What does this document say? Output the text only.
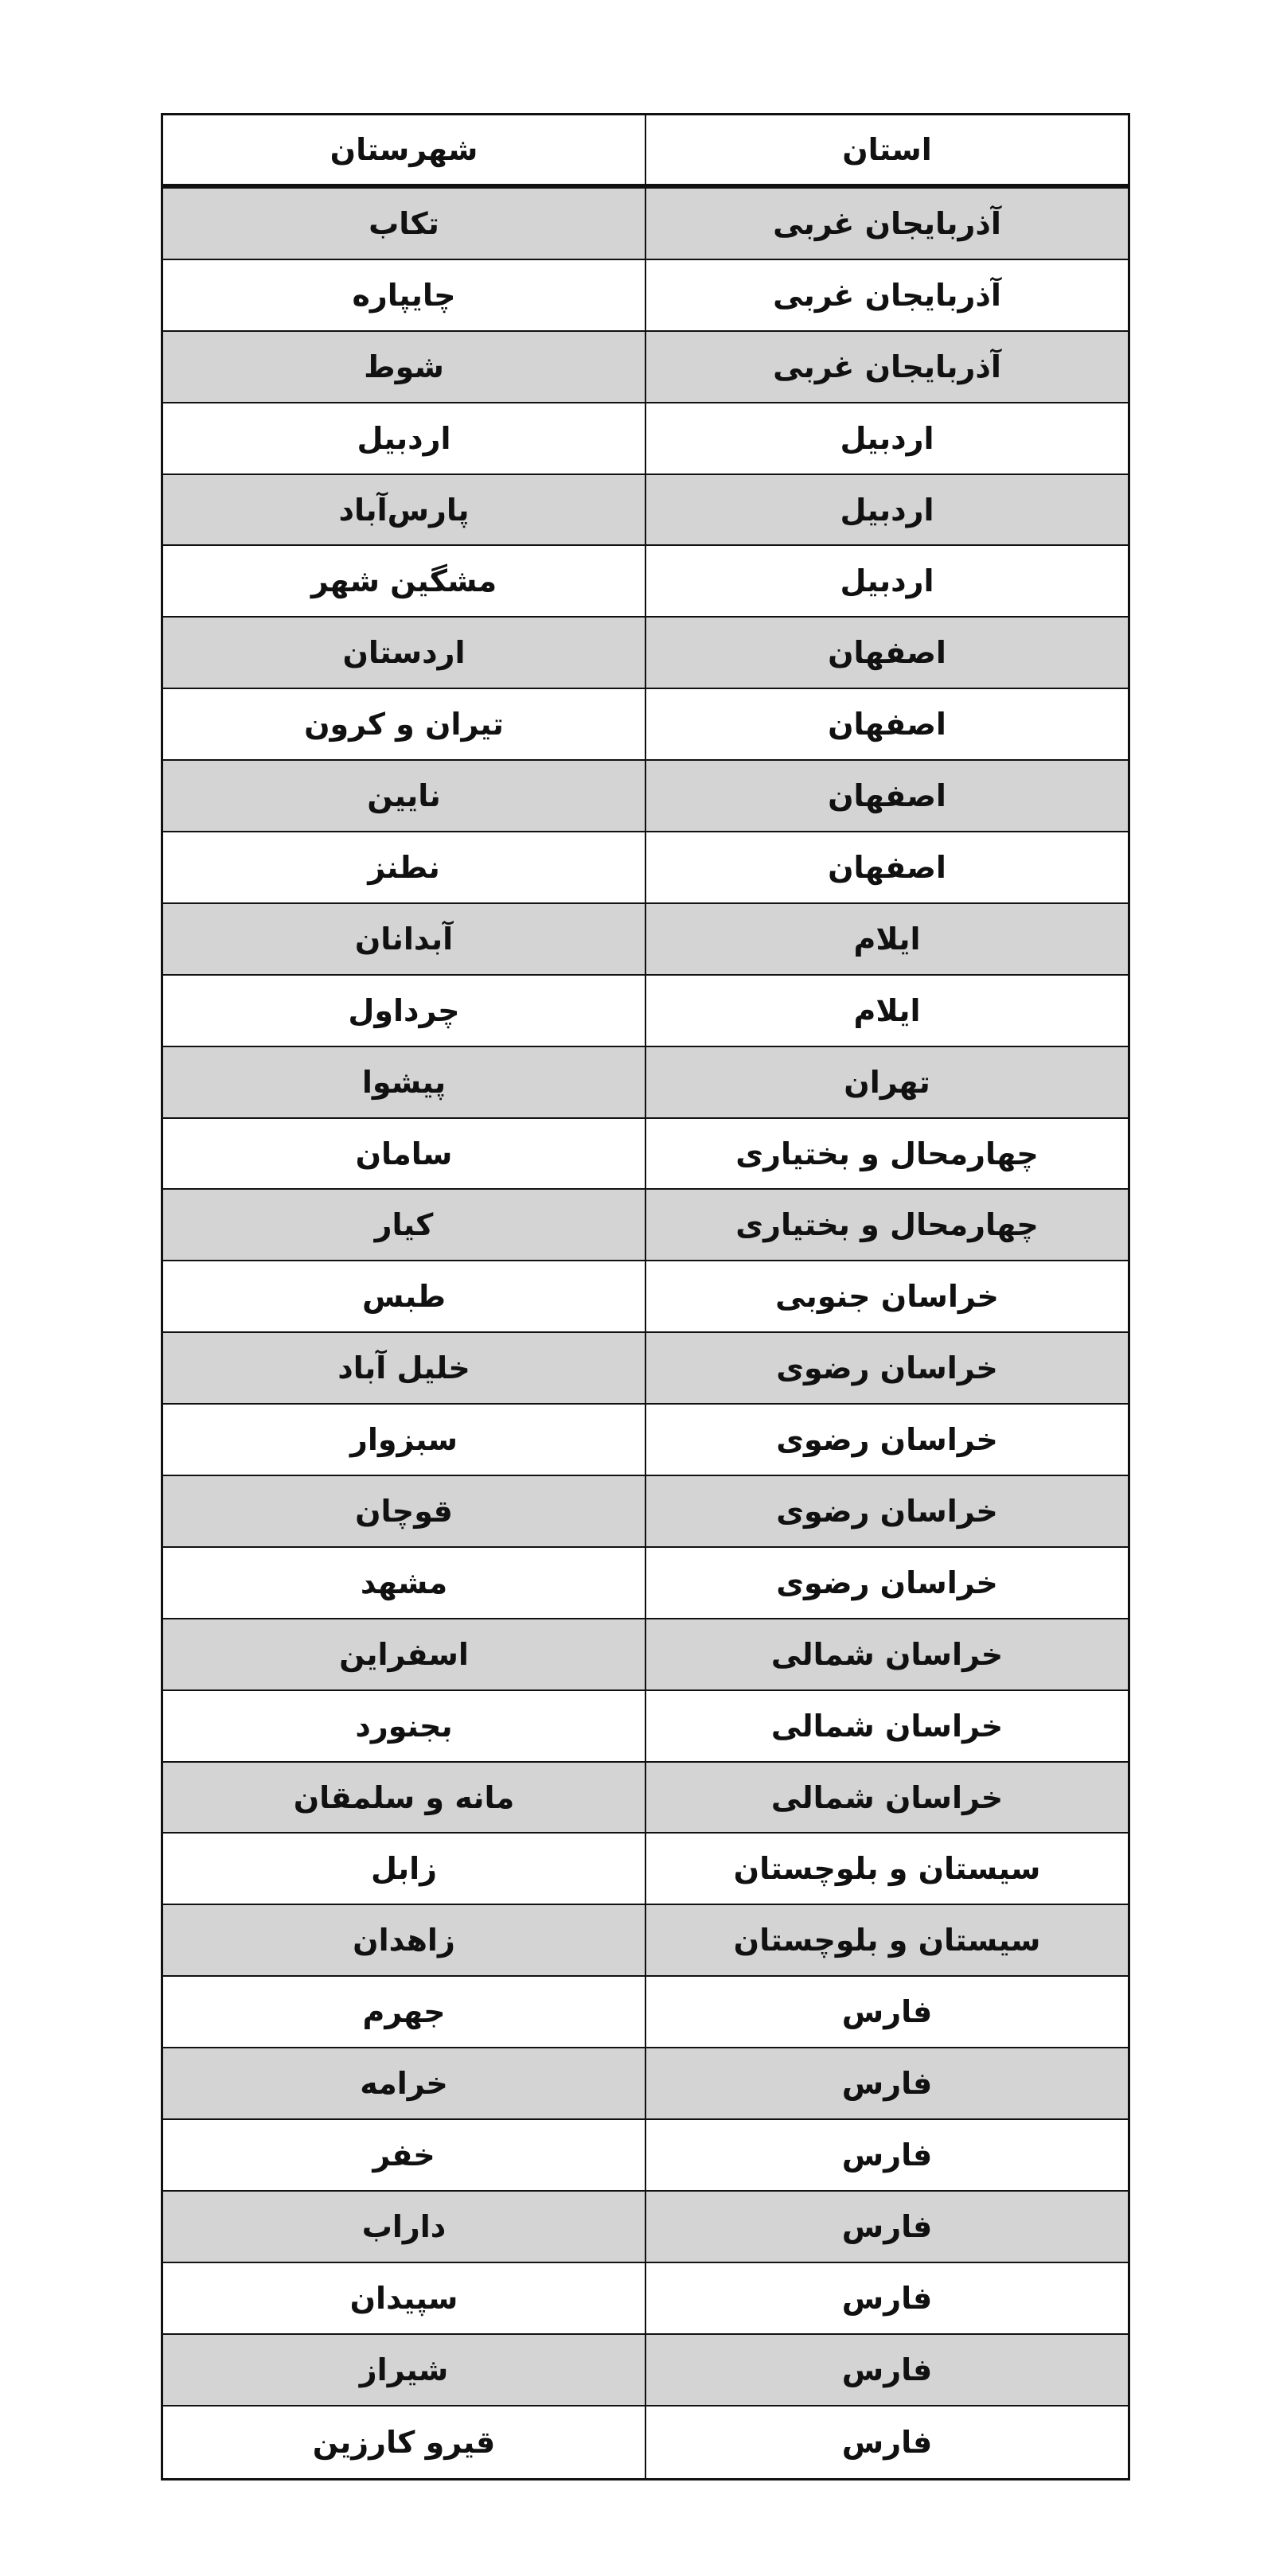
استان
شهرستان
آذربایجان غربی
تکاب
آذربایجان غربی
چایپاره
آذربایجان غربی
شوط
اردبیل
اردبیل
اردبیل
پارس‌آباد
اردبیل
مشگین شهر
اصفهان
اردستان
اصفهان
تیران و کرون
اصفهان
نایین
اصفهان
نطنز
ایلام
آبدانان
ایلام
چرداول
تهران
پیشوا
چهارمحال و بختیاری
سامان
چهارمحال و بختیاری
کیار
خراسان جنوبی
طبس
خراسان رضوی
خلیل آباد
خراسان رضوی
سبزوار
خراسان رضوی
قوچان
خراسان رضوی
مشهد
خراسان شمالی
اسفراین
خراسان شمالی
بجنورد
خراسان شمالی
مانه و سلمقان
سیستان و بلوچستان
زابل
سیستان و بلوچستان
زاهدان
فارس
جهرم
فارس
خرامه
فارس
خفر
فارس
داراب
فارس
سپیدان
فارس
شیراز
فارس
قیرو کارزین
